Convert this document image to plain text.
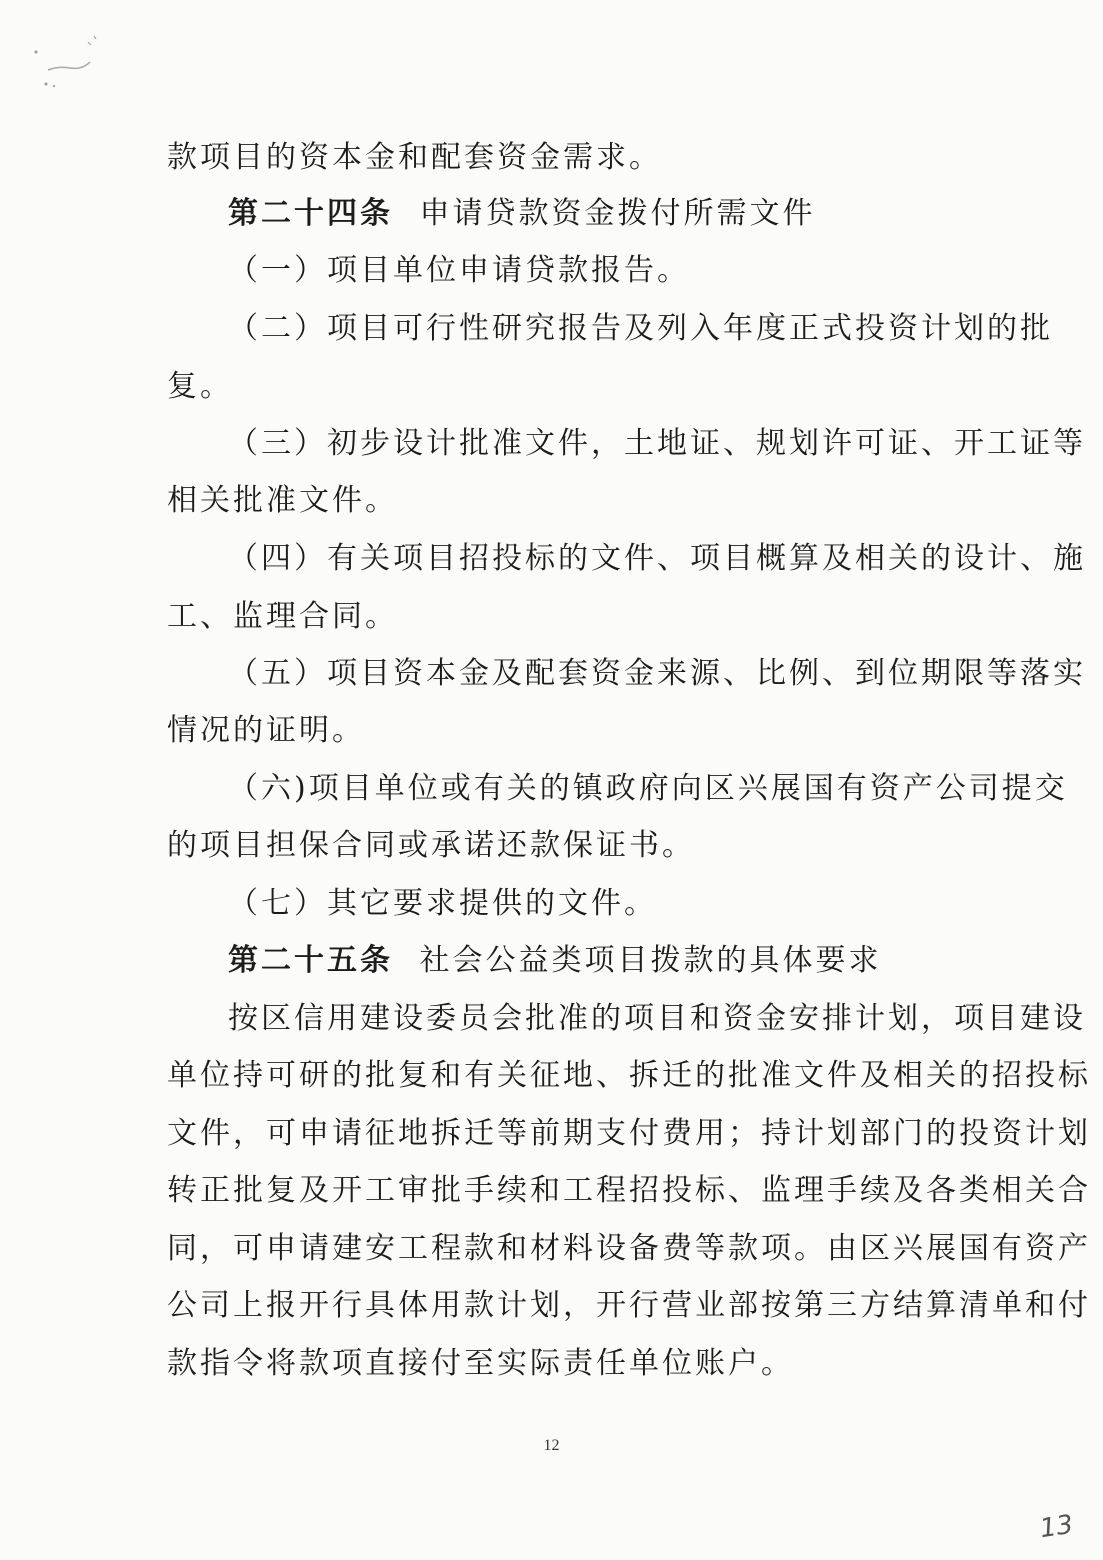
款项目的资本金和配套资金需求。
第二十四条 申请贷款资金拨付所需文件
（一）项目单位申请贷款报告。
（二）项目可行性研究报告及列入年度正式投资计划的批
复。
（三）初步设计批准文件，土地证、规划许可证、开工证等
相关批准文件。
（四）有关项目招投标的文件、项目概算及相关的设计、施
工、监理合同。
（五）项目资本金及配套资金来源、比例、到位期限等落实
情况的证明。
（六)项目单位或有关的镇政府向区兴展国有资产公司提交
的项目担保合同或承诺还款保证书。
（七）其它要求提供的文件。
第二十五条 社会公益类项目拨款的具体要求
按区信用建设委员会批准的项目和资金安排计划，项目建设
单位持可研的批复和有关征地、拆迁的批准文件及相关的招投标
文件，可申请征地拆迁等前期支付费用；持计划部门的投资计划
转正批复及开工审批手续和工程招投标、监理手续及各类相关合
同，可申请建安工程款和材料设备费等款项。由区兴展国有资产
公司上报开行具体用款计划，开行营业部按第三方结算清单和付
款指令将款项直接付至实际责任单位账户。
12
13
